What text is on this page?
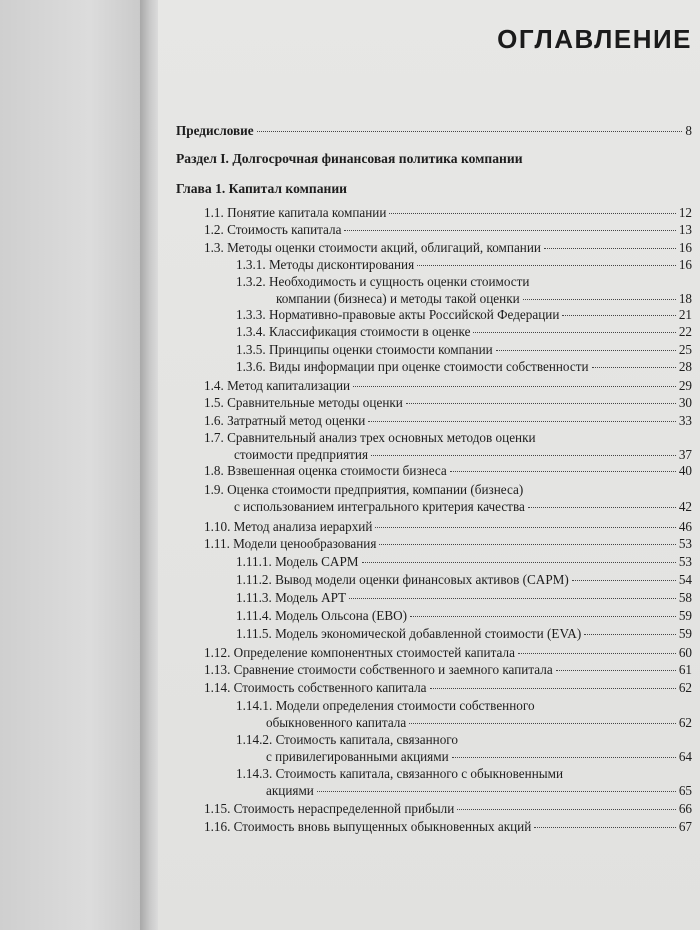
ОГЛАВЛЕНИЕ
Предисловие	8
Раздел I. Долгосрочная финансовая политика компании
Глава 1. Капитал компании
1.1. Понятие капитала компании	12
1.2. Стоимость капитала	13
1.3. Методы оценки стоимости акций, облигаций, компании	16
1.3.1. Методы дисконтирования	16
1.3.2. Необходимость и сущность оценки стоимости
компании (бизнеса) и методы такой оценки	18
1.3.3. Нормативно-правовые акты Российской Федерации	21
1.3.4. Классификация стоимости в оценке	22
1.3.5. Принципы оценки стоимости компании	25
1.3.6. Виды информации при оценке стоимости собственности	28
1.4. Метод капитализации	29
1.5. Сравнительные методы оценки	30
1.6. Затратный метод оценки	33
1.7. Сравнительный анализ трех основных методов оценки
стоимости предприятия	37
1.8. Взвешенная оценка стоимости бизнеса	40
1.9. Оценка стоимости предприятия, компании (бизнеса)
с использованием интегрального критерия качества	42
1.10. Метод анализа иерархий	46
1.11. Модели ценообразования	53
1.11.1. Модель CAPM	53
1.11.2. Вывод модели оценки финансовых активов (CAPM)	54
1.11.3. Модель APT	58
1.11.4. Модель Ольсона (EBO)	59
1.11.5. Модель экономической добавленной стоимости (EVA)	59
1.12. Определение компонентных стоимостей капитала	60
1.13. Сравнение стоимости собственного и заемного капитала	61
1.14. Стоимость собственного капитала	62
1.14.1. Модели определения стоимости собственного
обыкновенного капитала	62
1.14.2. Стоимость капитала, связанного
с привилегированными акциями	64
1.14.3. Стоимость капитала, связанного с обыкновенными
акциями	65
1.15. Стоимость нераспределенной прибыли	66
1.16. Стоимость вновь выпущенных обыкновенных акций	67
